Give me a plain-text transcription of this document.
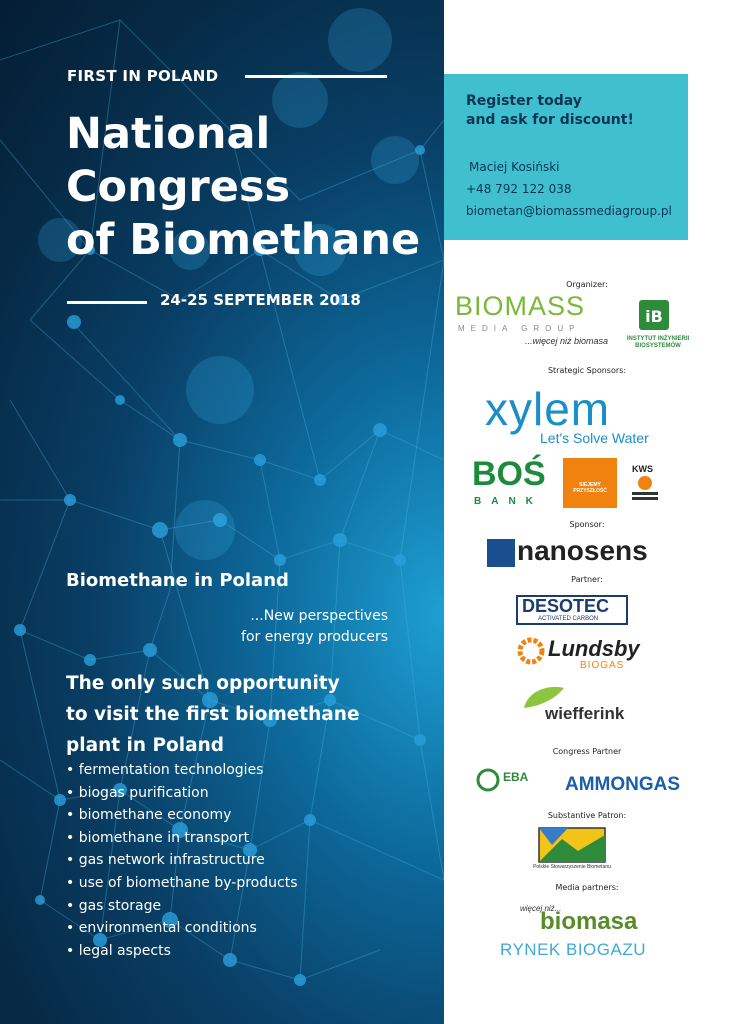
FIRST IN POLAND
National
Congress
of Biomethane
24-25 SEPTEMBER 2018
Biomethane in Poland
...New perspectives
for energy producers
The only such opportunity
to visit the first biomethane
plant in Poland
• fermentation technologies
• biogas purification
• biomethane economy
• biomethane in transport
• gas network infrastructure
• use of biomethane by-products
• gas storage
• environmental conditions
• legal aspects
Register today
and ask for discount!
Maciej Kosiński
+48 792 122 038
biometan@biomassmediagroup.pl
Organizer:
BIOMASS
MEDIA GROUP
...więcej niż biomasa
iB
INSTYTUT INŻYNIERII BIOSYSTEMÓW
Strategic Sponsors:
xylem
Let's Solve Water
BOŚ
BANK
SIEJEMY PRZYSZŁOŚĆ
KWS
Sponsor:
nanosens
Partner:
DESOTEC
ACTIVATED CARBON
Lundsby
BIOGAS
wiefferink
Congress Partner
EBA AMMONGAS
Substantive Patron:
Polskie Stowarzyszenie Biometanu
Media partners:
więcej niż...
biomasa
RYNEK BIOGAZU
